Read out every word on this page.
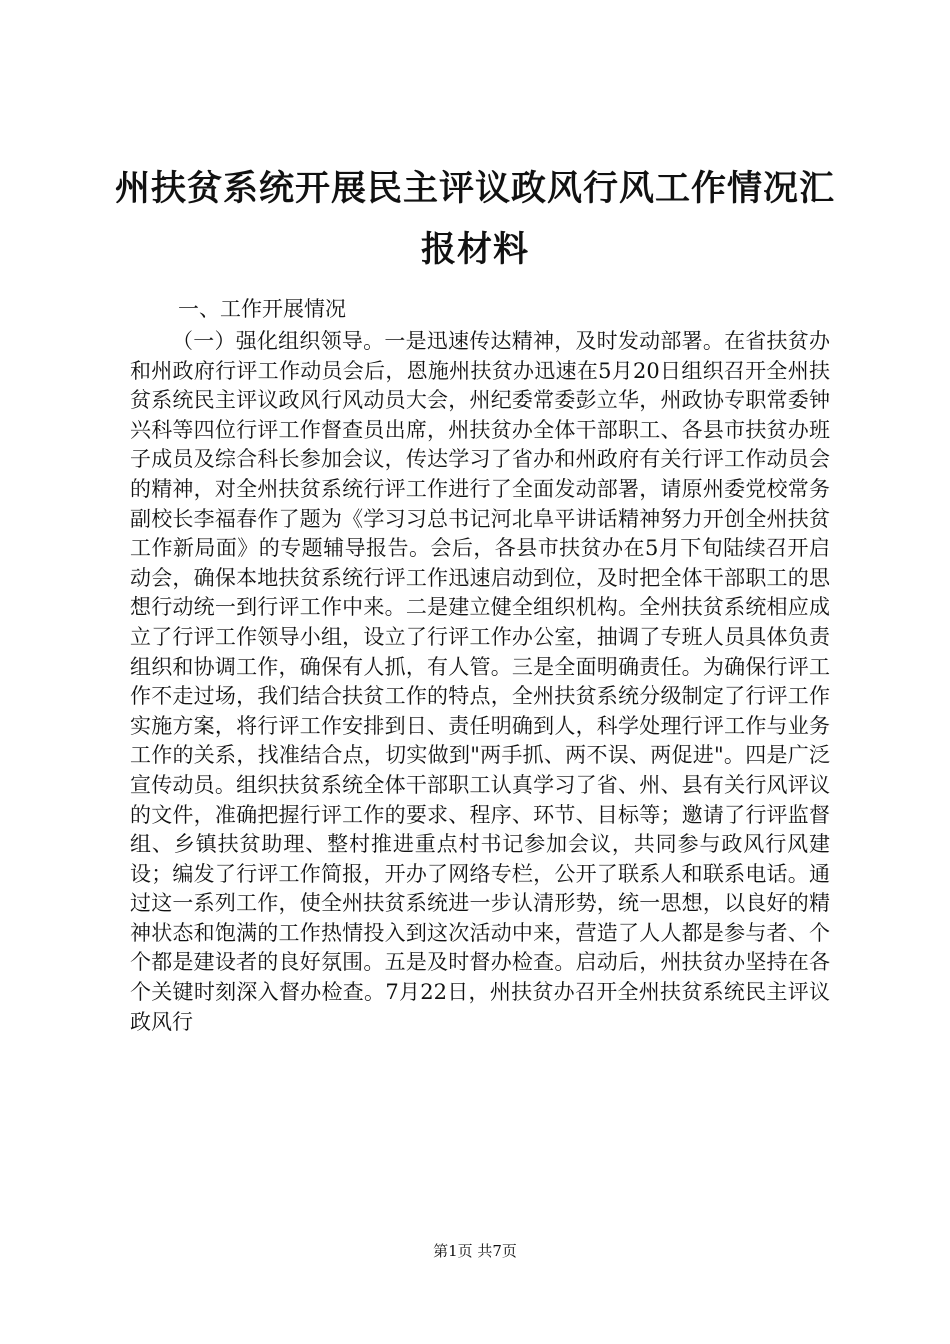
州扶贫系统开展民主评议政风行风工作情况汇报材料

一、工作开展情况

（一）强化组织领导。一是迅速传达精神，及时发动部署。在省扶贫办和州政府行评工作动员会后，恩施州扶贫办迅速在5月20日组织召开全州扶贫系统民主评议政风行风动员大会，州纪委常委彭立华，州政协专职常委钟兴科等四位行评工作督查员出席，州扶贫办全体干部职工、各县市扶贫办班子成员及综合科长参加会议，传达学习了省办和州政府有关行评工作动员会的精神，对全州扶贫系统行评工作进行了全面发动部署，请原州委党校常务副校长李福春作了题为《学习习总书记河北阜平讲话精神努力开创全州扶贫工作新局面》的专题辅导报告。会后，各县市扶贫办在5月下旬陆续召开启动会，确保本地扶贫系统行评工作迅速启动到位，及时把全体干部职工的思想行动统一到行评工作中来。二是建立健全组织机构。全州扶贫系统相应成立了行评工作领导小组，设立了行评工作办公室，抽调了专班人员具体负责组织和协调工作，确保有人抓，有人管。三是全面明确责任。为确保行评工作不走过场，我们结合扶贫工作的特点，全州扶贫系统分级制定了行评工作实施方案，将行评工作安排到日、责任明确到人，科学处理行评工作与业务工作的关系，找准结合点，切实做到"两手抓、两不误、两促进"。四是广泛宣传动员。组织扶贫系统全体干部职工认真学习了省、州、县有关行风评议的文件，准确把握行评工作的要求、程序、环节、目标等；邀请了行评监督组、乡镇扶贫助理、整村推进重点村书记参加会议，共同参与政风行风建设；编发了行评工作简报，开办了网络专栏，公开了联系人和联系电话。通过这一系列工作，使全州扶贫系统进一步认清形势，统一思想，以良好的精神状态和饱满的工作热情投入到这次活动中来，营造了人人都是参与者、个个都是建设者的良好氛围。五是及时督办检查。启动后，州扶贫办坚持在各个关键时刻深入督办检查。7月22日，州扶贫办召开全州扶贫系统民主评议政风行

第1页 共7页
